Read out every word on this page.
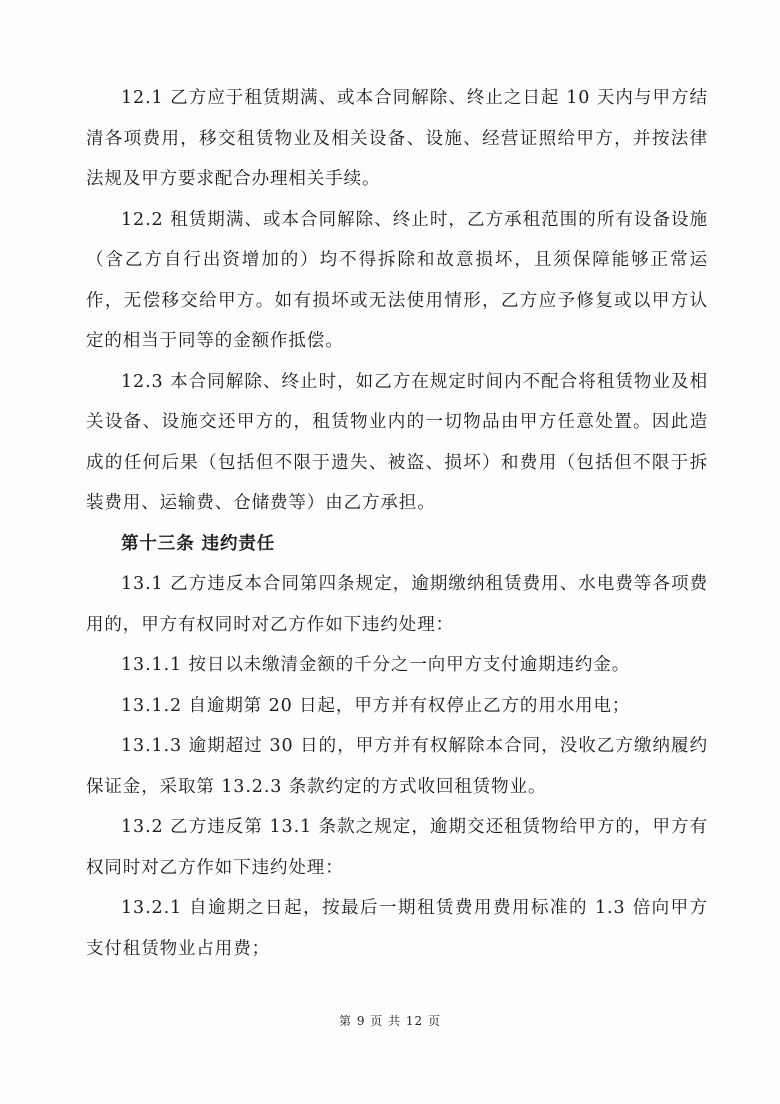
12.1 乙方应于租赁期满、或本合同解除、终止之日起 10 天内与甲方结清各项费用，移交租赁物业及相关设备、设施、经营证照给甲方，并按法律法规及甲方要求配合办理相关手续。

12.2 租赁期满、或本合同解除、终止时，乙方承租范围的所有设备设施（含乙方自行出资增加的）均不得拆除和故意损坏，且须保障能够正常运作，无偿移交给甲方。如有损坏或无法使用情形，乙方应予修复或以甲方认定的相当于同等的金额作抵偿。

12.3 本合同解除、终止时，如乙方在规定时间内不配合将租赁物业及相关设备、设施交还甲方的，租赁物业内的一切物品由甲方任意处置。因此造成的任何后果（包括但不限于遗失、被盗、损坏）和费用（包括但不限于拆装费用、运输费、仓储费等）由乙方承担。

第十三条 违约责任

13.1 乙方违反本合同第四条规定，逾期缴纳租赁费用、水电费等各项费用的，甲方有权同时对乙方作如下违约处理：

13.1.1 按日以未缴清金额的千分之一向甲方支付逾期违约金。

13.1.2 自逾期第 20 日起，甲方并有权停止乙方的用水用电；

13.1.3 逾期超过 30 日的，甲方并有权解除本合同，没收乙方缴纳履约保证金，采取第 13.2.3 条款约定的方式收回租赁物业。

13.2 乙方违反第 13.1 条款之规定，逾期交还租赁物给甲方的，甲方有权同时对乙方作如下违约处理：

13.2.1 自逾期之日起，按最后一期租赁费用费用标准的 1.3 倍向甲方支付租赁物业占用费；

第 9 页 共 12 页
